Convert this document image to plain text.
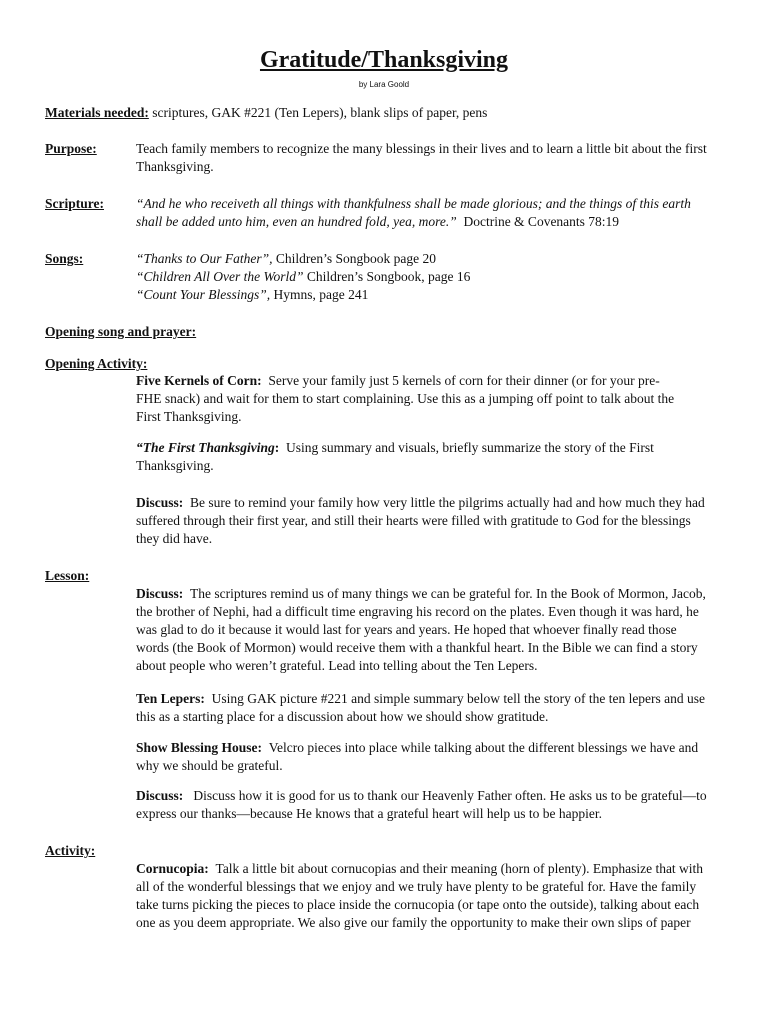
Gratitude/Thanksgiving
by Lara Goold
Materials needed: scriptures, GAK #221 (Ten Lepers), blank slips of paper, pens
Purpose:	Teach family members to recognize the many blessings in their lives and to learn a little bit about the first
Thanksgiving.
Scripture: “And he who receiveth all things with thankfulness shall be made glorious; and the things of this earth
shall be added unto him, even an hundred fold, yea, more.” Doctrine & Covenants 78:19
Songs:	“Thanks to Our Father”, Children’s Songbook page 20
“Children All Over the World” Children’s Songbook, page 16
“Count Your Blessings”, Hymns, page 241
Opening song and prayer:
Opening Activity:
Five Kernels of Corn: Serve your family just 5 kernels of corn for their dinner (or for your pre-
FHE snack) and wait for them to start complaining. Use this as a jumping off point to talk about the
First Thanksgiving.
“The First Thanksgiving: Using summary and visuals, briefly summarize the story of the First
Thanksgiving.
Discuss: Be sure to remind your family how very little the pilgrims actually had and how much they had
suffered through their first year, and still their hearts were filled with gratitude to God for the blessings
they did have.
Lesson:
Discuss: The scriptures remind us of many things we can be grateful for. In the Book of Mormon, Jacob,
the brother of Nephi, had a difficult time engraving his record on the plates. Even though it was hard, he
was glad to do it because it would last for years and years. He hoped that whoever finally read those
words (the Book of Mormon) would receive them with a thankful heart. In the Bible we can find a story
about people who weren’t grateful. Lead into telling about the Ten Lepers.
Ten Lepers: Using GAK picture #221 and simple summary below tell the story of the ten lepers and use
this as a starting place for a discussion about how we should show gratitude.
Show Blessing House: Velcro pieces into place while talking about the different blessings we have and
why we should be grateful.
Discuss: Discuss how it is good for us to thank our Heavenly Father often. He asks us to be grateful—to
express our thanks—because He knows that a grateful heart will help us to be happier.
Activity:
Cornucopia: Talk a little bit about cornucopias and their meaning (horn of plenty). Emphasize that with
all of the wonderful blessings that we enjoy and we truly have plenty to be grateful for. Have the family
take turns picking the pieces to place inside the cornucopia (or tape onto the outside), talking about each
one as you deem appropriate. We also give our family the opportunity to make their own slips of paper
